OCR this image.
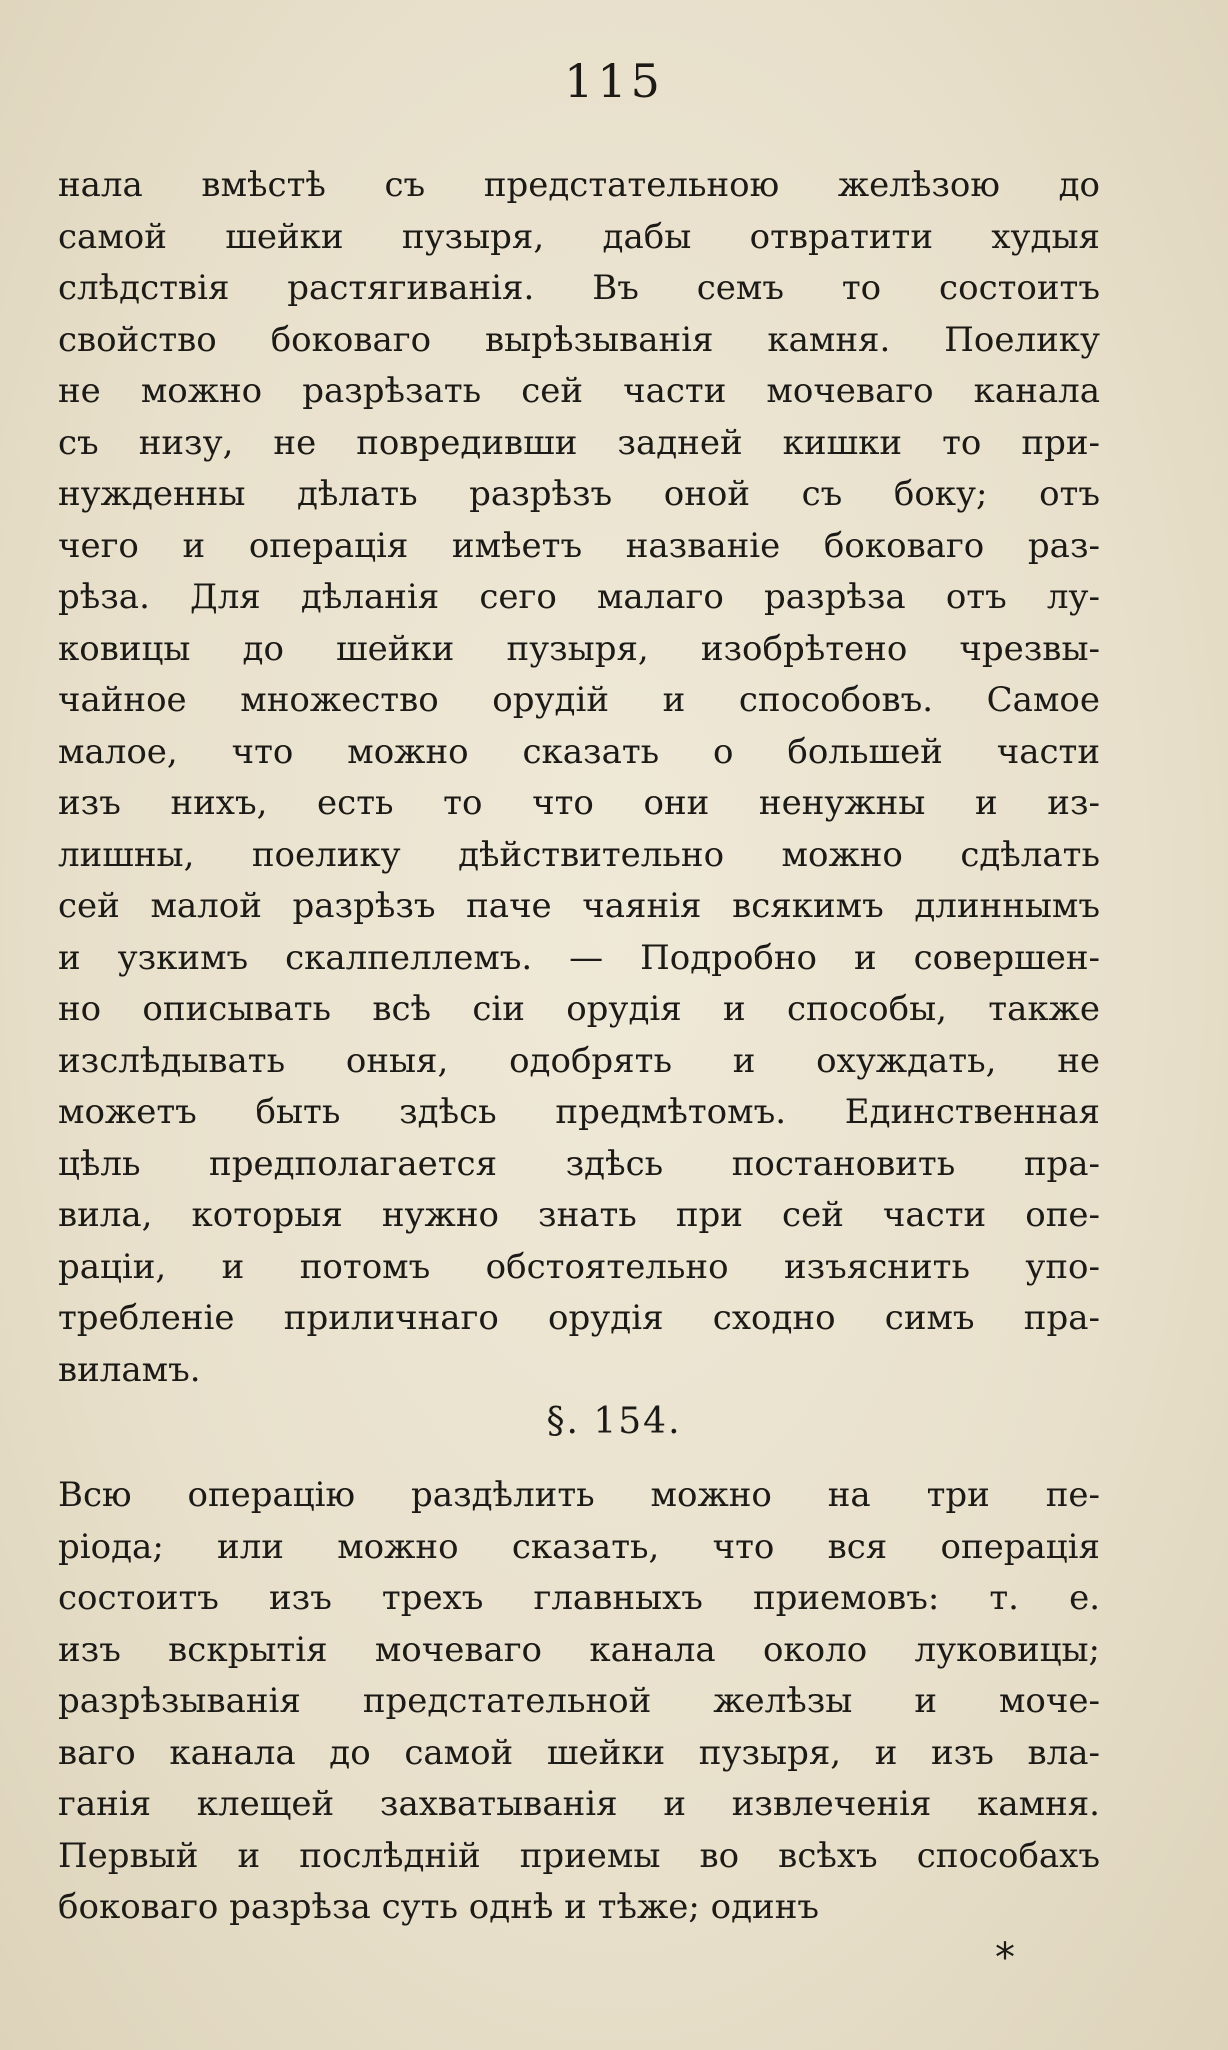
115
нала вмѣстѣ съ предстательною желѣзою до
самой шейки пузыря, дабы отвратити худыя
слѣдствія растягиванія. Въ семъ то состоитъ
свойство боковаго вырѣзыванія камня. Поелику
не можно разрѣзать сей части мочеваго канала
съ низу, не повредивши задней кишки то при-
нужденны дѣлать разрѣзъ оной съ боку; отъ
чего и операція имѣетъ названіе боковаго раз-
рѣза. Для дѣланія сего малаго разрѣза отъ лу-
ковицы до шейки пузыря, изобрѣтено чрезвы-
чайное множество орудій и способовъ. Самое
малое, что можно сказать о большей части
изъ нихъ, есть то что они ненужны и из-
лишны, поелику дѣйствительно можно сдѣлать
сей малой разрѣзъ паче чаянія всякимъ длиннымъ
и узкимъ скалпеллемъ. — Подробно и совершен-
но описывать всѣ сіи орудія и способы, также
изслѣдывать оныя, одобрять и охуждать, не
можетъ быть здѣсь предмѣтомъ. Единственная
цѣль предполагается здѣсь постановить пра-
вила, которыя нужно знать при сей части опе-
раціи, и потомъ обстоятельно изъяснить упо-
требленіе приличнаго орудія сходно симъ пра-
виламъ.
§. 154.
Всю операцію раздѣлить можно на три пе-
ріода; или можно сказать, что вся операція
состоитъ изъ трехъ главныхъ приемовъ: т. е.
изъ вскрытія мочеваго канала около луковицы;
разрѣзыванія предстательной желѣзы и моче-
ваго канала до самой шейки пузыря, и изъ вла-
ганія клещей захватыванія и извлеченія камня.
Первый и послѣдній приемы во всѣхъ способахъ
боковаго разрѣза суть однѣ и тѣже; одинъ
*
